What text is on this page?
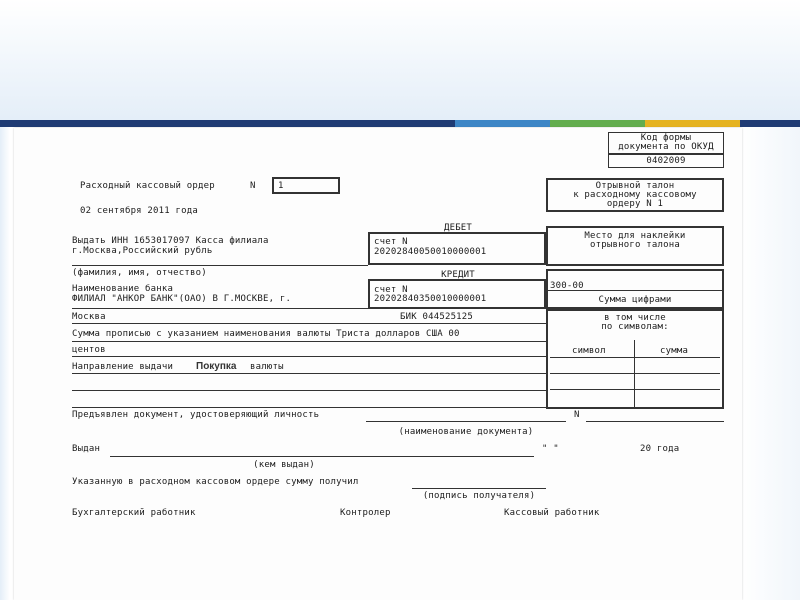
Код формы
документа по ОКУД
0402009
Расходный кассовый ордер	N 1
02 сентября 2011 года
Отрывной талон
к расходному кассовому
ордеру N 1
ДЕБЕТ
счет N
20202840050010000001
Выдать ИНН 1653017097 Касса филиала
г.Москва,Российский рубль
Место для наклейки
отрывного талона
(фамилия, имя, отчество)	КРЕДИТ
счет N
20202840350010000001
Наименование банка
ФИЛИАЛ "АНКОР БАНК"(ОАО) В Г.МОСКВЕ, г.
300-00
Сумма цифрами
Москва	БИК 044525125	в том числе
по символам:
символ	сумма
Сумма прописью с указанием наименования валюты Триста долларов США 00
центов
Направление выдачи Покупка валюты
Предъявлен документ, удостоверяющий личность	N
(наименование документа)
Выдан	" "	20 года
(кем выдан)
Указанную в расходном кассовом ордере сумму получил
(подпись получателя)
Бухгалтерский работник	Контролер	Кассовый работник
